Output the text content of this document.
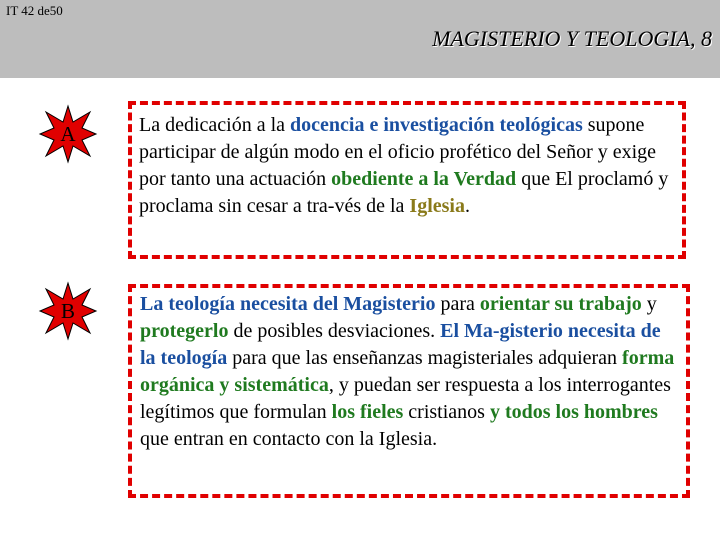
IT 42 de50
MAGISTERIO Y TEOLOGIA, 8
A	La dedicación a la docencia e investigación teológicas supone participar de algún modo en el oficio profético del Señor y exige por tanto una actuación obediente a la Verdad que El proclamó y proclama sin cesar a tra-vés de la Iglesia.

B	La teología necesita del Magisterio para orientar su trabajo y protegerlo de posibles desviaciones. El Ma-gisterio necesita de la teología para que las enseñanzas magisteriales adquieran forma orgánica y sistemática, y puedan ser respuesta a los interrogantes legítimos que formulan los fieles cristianos y todos los hombres que entran en contacto con la Iglesia.
